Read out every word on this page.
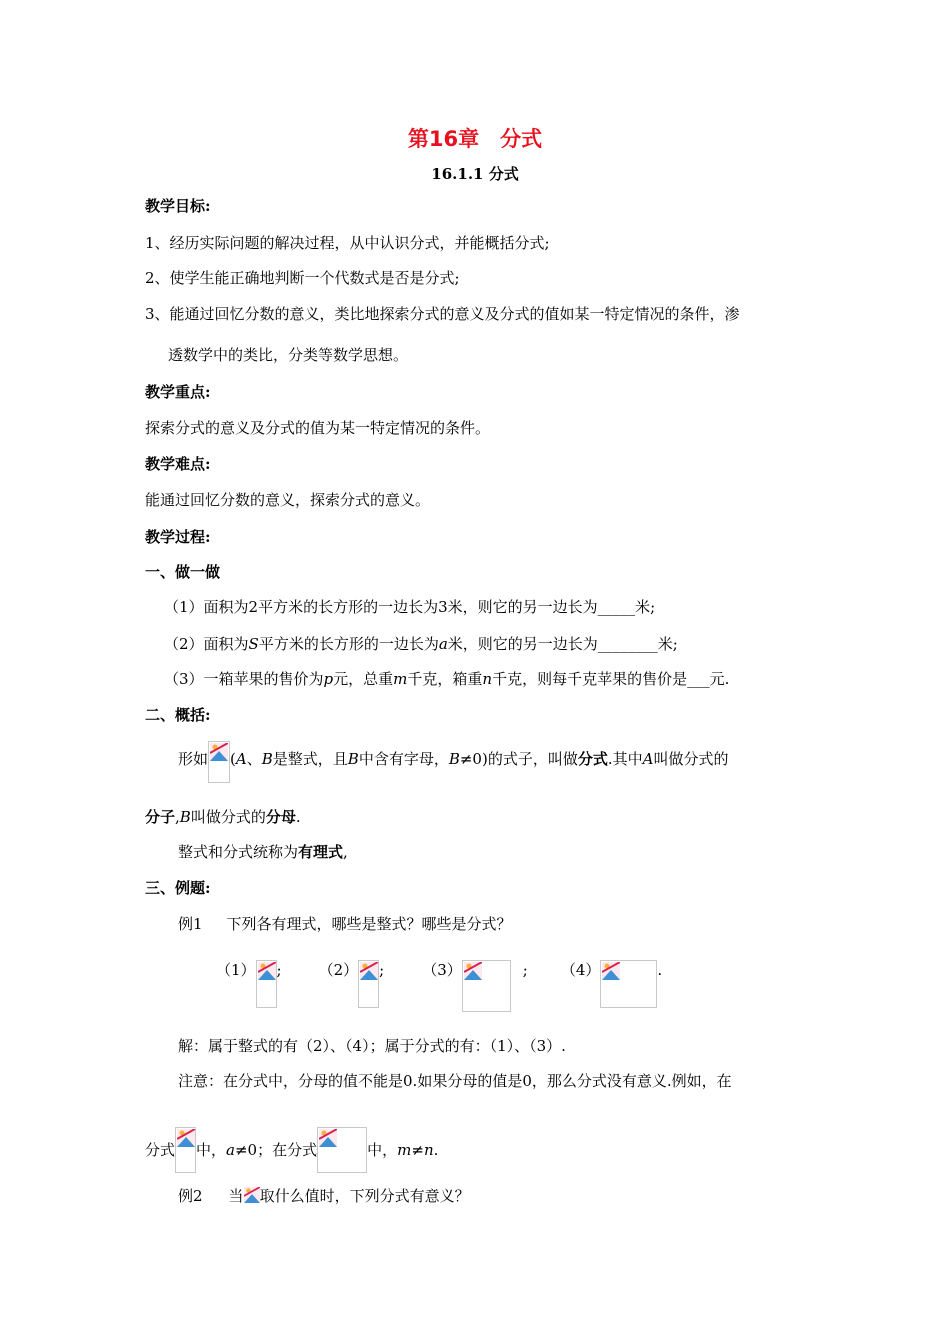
第16章　分式
16.1.1 分式
教学目标:
1、经历实际问题的解决过程，从中认识分式，并能概括分式;
2、使学生能正确地判断一个代数式是否是分式;
3、能通过回忆分数的意义，类比地探索分式的意义及分式的值如某一特定情况的条件，渗
透数学中的类比，分类等数学思想。
教学重点:
探索分式的意义及分式的值为某一特定情况的条件。
教学难点:
能通过回忆分数的意义，探索分式的意义。
教学过程:
一、做一做
（1）面积为2平方米的长方形的一边长为3米，则它的另一边长为_____米;
（2）面积为S平方米的长方形的一边长为a米，则它的另一边长为________米;
（3）一箱苹果的售价为p元，总重m千克，箱重n千克，则每千克苹果的售价是___元.
二、概括:
形如 (A、B是整式，且B中含有字母，B≠0)的式子，叫做分式.其中A叫做分式的
分子,B叫做分式的分母.
整式和分式统称为有理式,
三、例题:
例1 下列各有理式，哪些是整式？哪些是分式？
（1） ; （2） ;	（3）	; （4）	.
解：属于整式的有（2）、（4）；属于分式的有：（1）、（3）.
注意：在分式中，分母的值不能是0.如果分母的值是0，那么分式没有意义.例如，在
分式 中，a≠0；在分式	中，m≠n.
例2 当 取什么值时，下列分式有意义？
